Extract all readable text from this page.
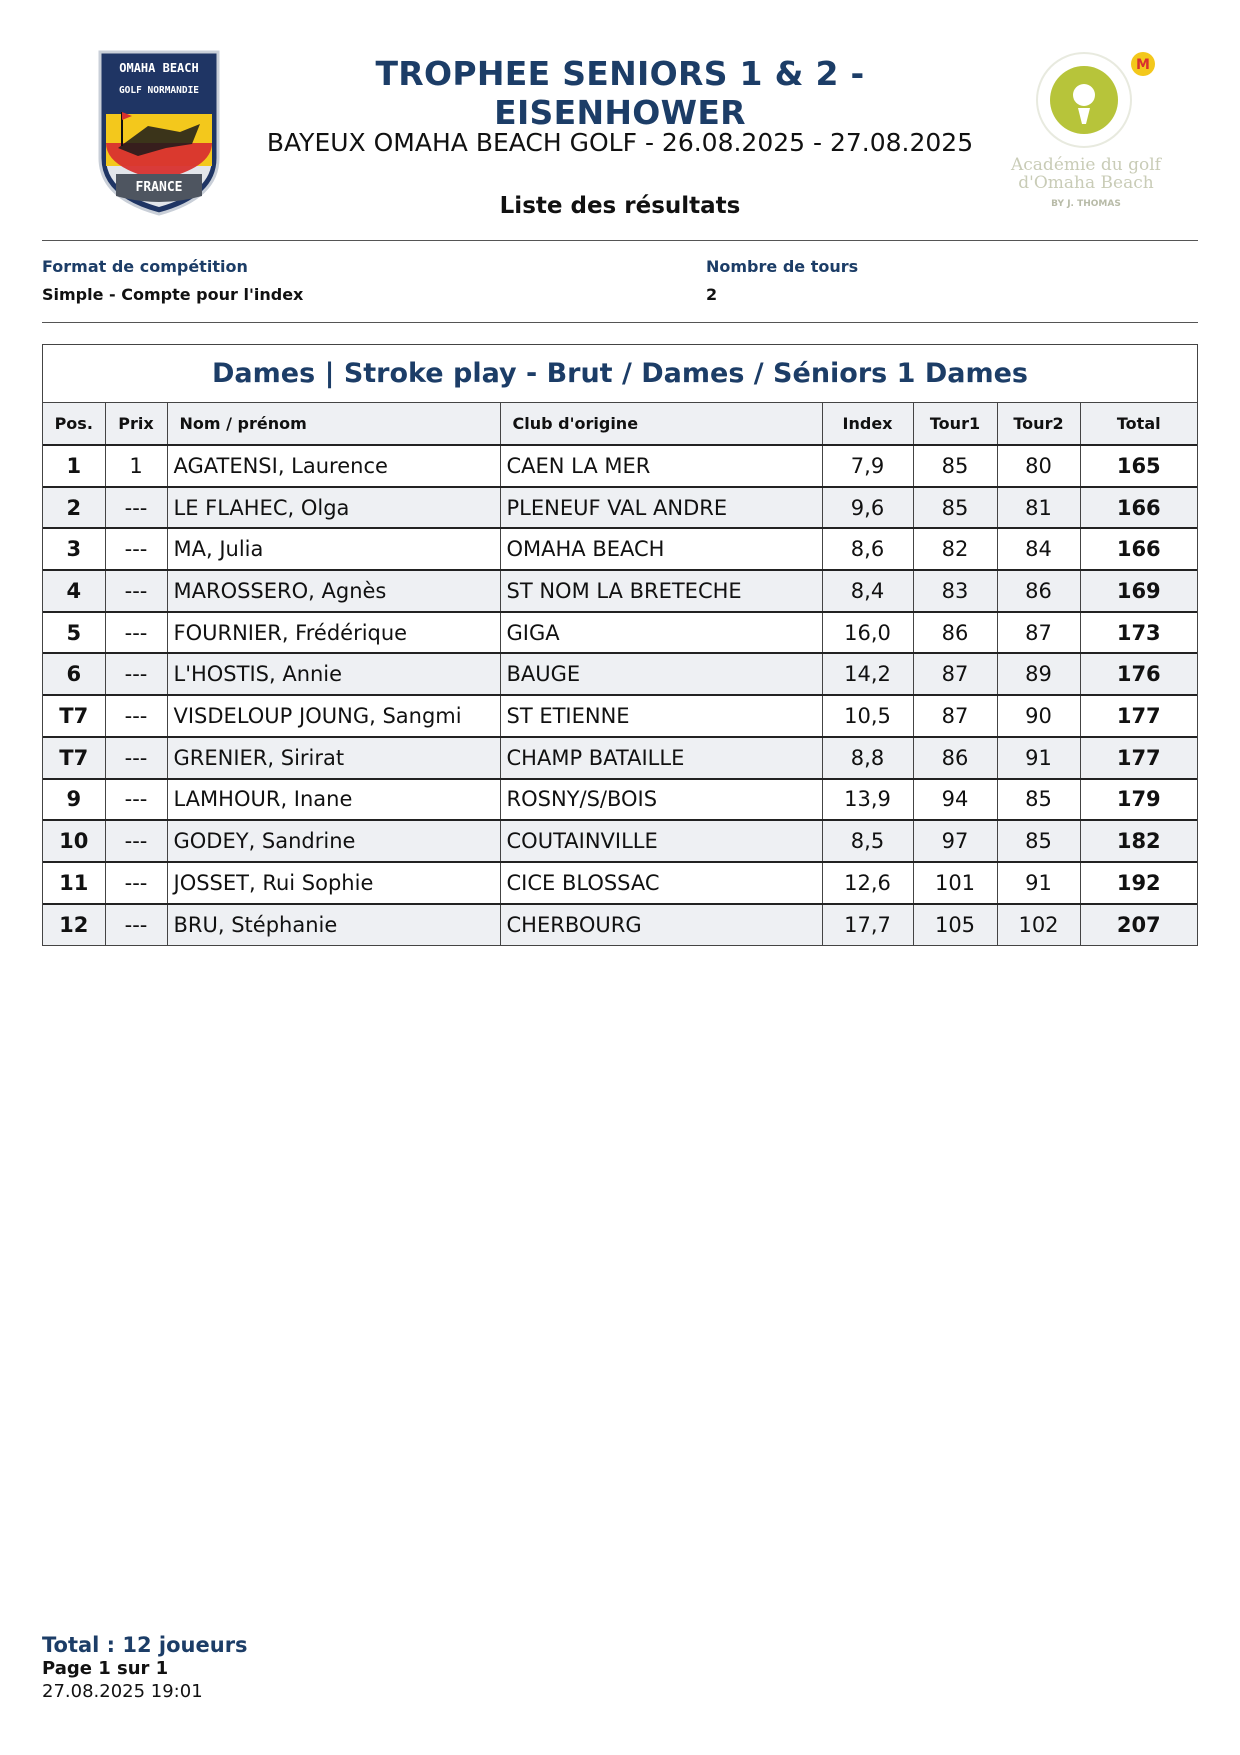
OMAHA BEACH
GOLF NORMANDIE
FRANCE
TROPHEE SENIORS 1 & 2 - EISENHOWER
BAYEUX OMAHA BEACH GOLF - 26.08.2025 - 27.08.2025
Liste des résultats
M
Académie du golf
d'Omaha Beach
BY J. THOMAS
Format de compétition
Simple - Compte pour l'index
Nombre de tours
2
Dames | Stroke play - Brut / Dames / Séniors 1 Dames
Pos.	Prix	Nom / prénom	Club d'origine	Index	Tour1	Tour2	Total
1	1	AGATENSI, Laurence	CAEN LA MER	7,9	85	80	165
2	---	LE FLAHEC, Olga	PLENEUF VAL ANDRE	9,6	85	81	166
3	---	MA, Julia	OMAHA BEACH	8,6	82	84	166
4	---	MAROSSERO, Agnès	ST NOM LA BRETECHE	8,4	83	86	169
5	---	FOURNIER, Frédérique	GIGA	16,0	86	87	173
6	---	L'HOSTIS, Annie	BAUGE	14,2	87	89	176
T7	---	VISDELOUP JOUNG, Sangmi	ST ETIENNE	10,5	87	90	177
T7	---	GRENIER, Sirirat	CHAMP BATAILLE	8,8	86	91	177
9	---	LAMHOUR, Inane	ROSNY/S/BOIS	13,9	94	85	179
10	---	GODEY, Sandrine	COUTAINVILLE	8,5	97	85	182
11	---	JOSSET, Rui Sophie	CICE BLOSSAC	12,6	101	91	192
12	---	BRU, Stéphanie	CHERBOURG	17,7	105	102	207
Total : 12 joueurs
Page 1 sur 1
27.08.2025 19:01
